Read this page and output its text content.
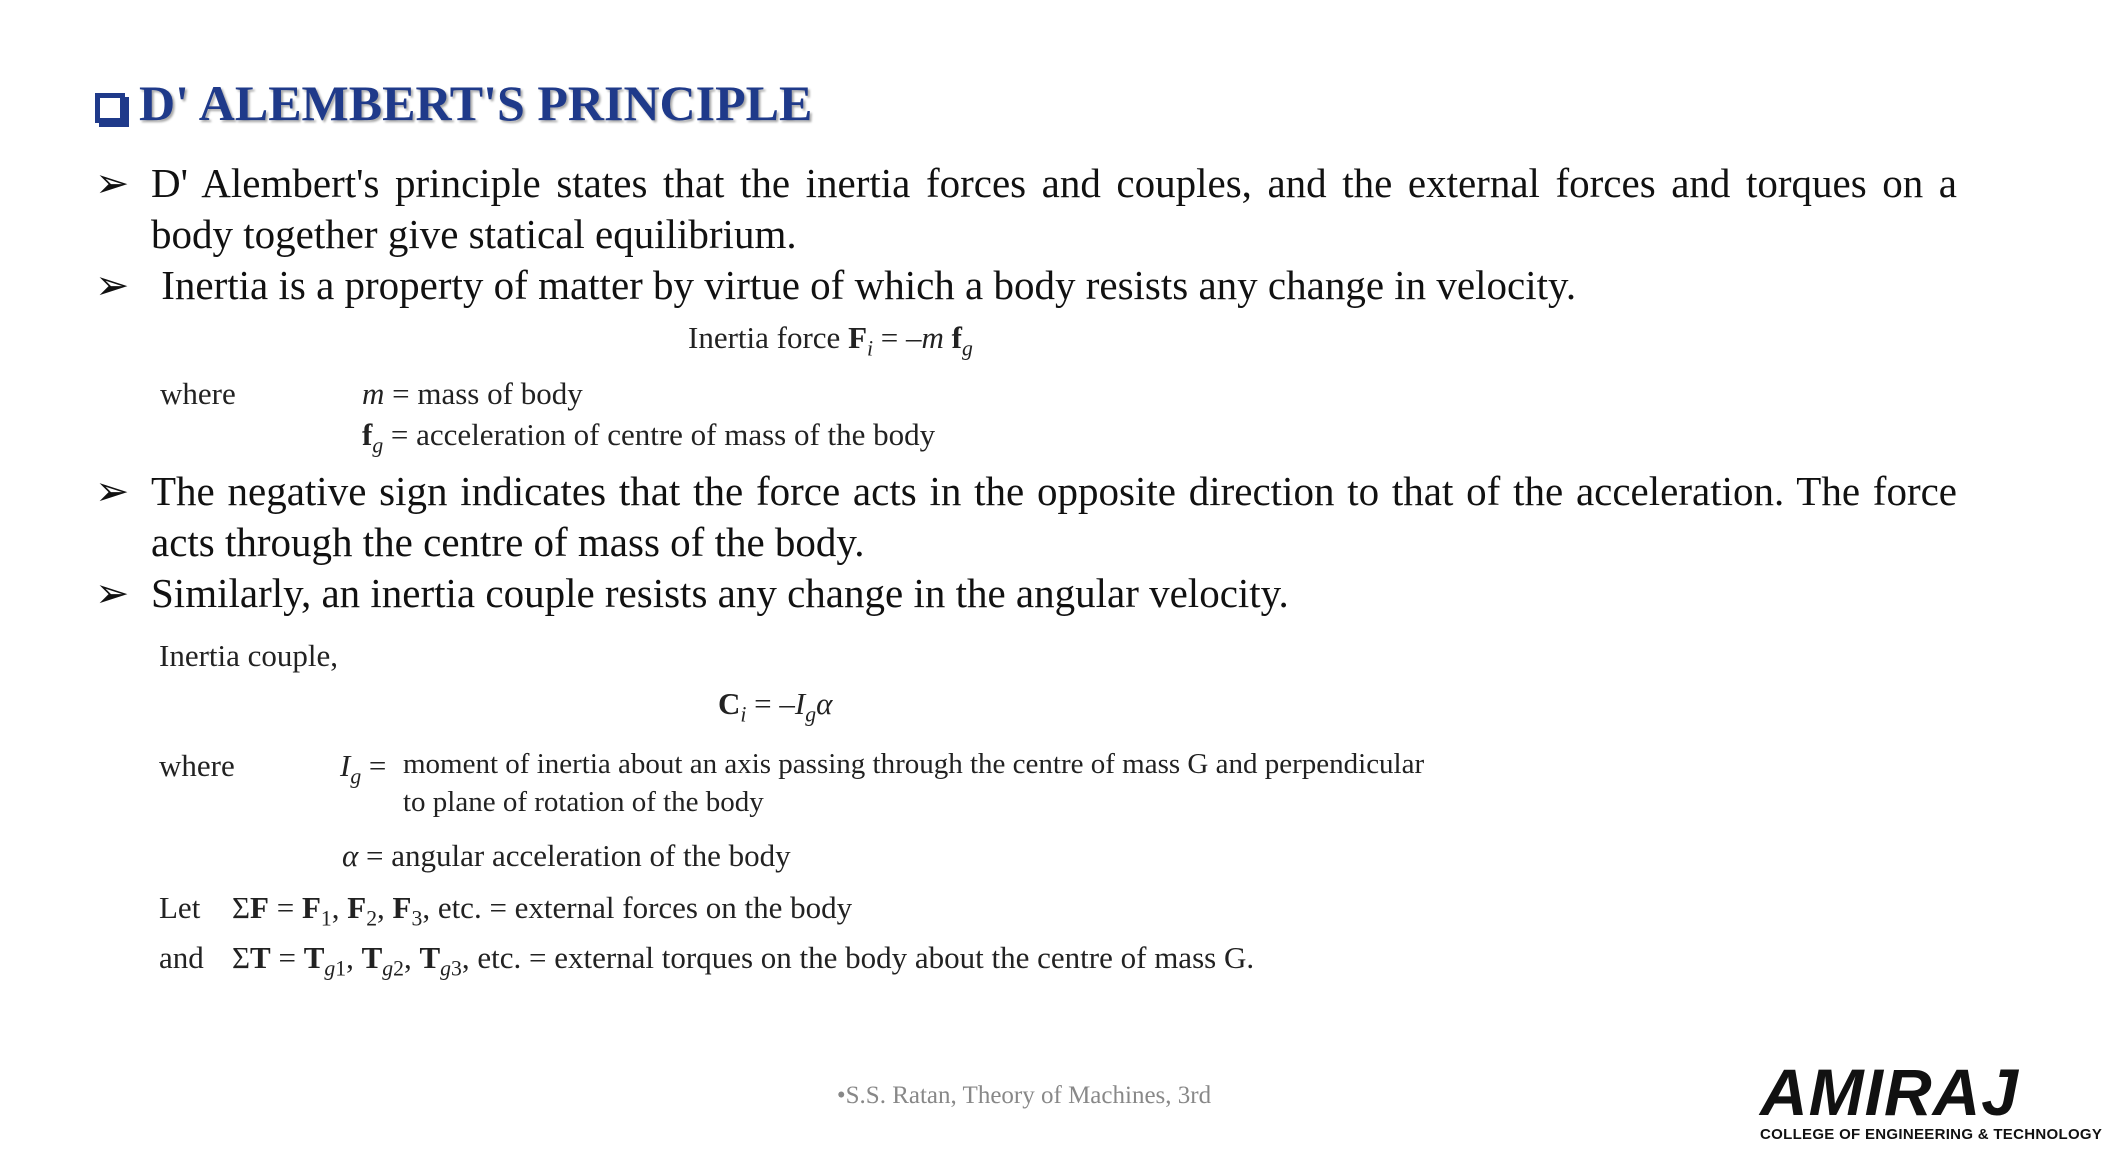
D' ALEMBERT'S PRINCIPLE
➢ D' Alembert's principle states that the inertia forces and couples, and the external forces and torques on a body together give statical equilibrium.
➢ Inertia is a property of matter by virtue of which a body resists any change in velocity.
Inertia force $F_i = -m$ $f_g$
where	m = mass of body
$f_g$ = acceleration of centre of mass of the body
➢ The negative sign indicates that the force acts in the opposite direction to that of the acceleration. The force acts through the centre of mass of the body.
➢ Similarly, an inertia couple resists any change in the angular velocity.
Inertia couple,
$C_i = -I_g\alpha$
where	$I_g$ = moment of inertia about an axis passing through the centre of mass G and perpendicular
to plane of rotation of the body
α = angular acceleration of the body
Let $\Sigma F = F_1$, $F_2$, $F_3$, etc. = external forces on the body
and $\Sigma T = T_{g1}$, $T_{g2}$, $T_{g3}$, etc. = external torques on the body about the centre of mass G.
•S.S. Ratan, Theory of Machines, 3rd	AMIRAJ
COLLEGE OF ENGINEERING & TECHNOLOGY
